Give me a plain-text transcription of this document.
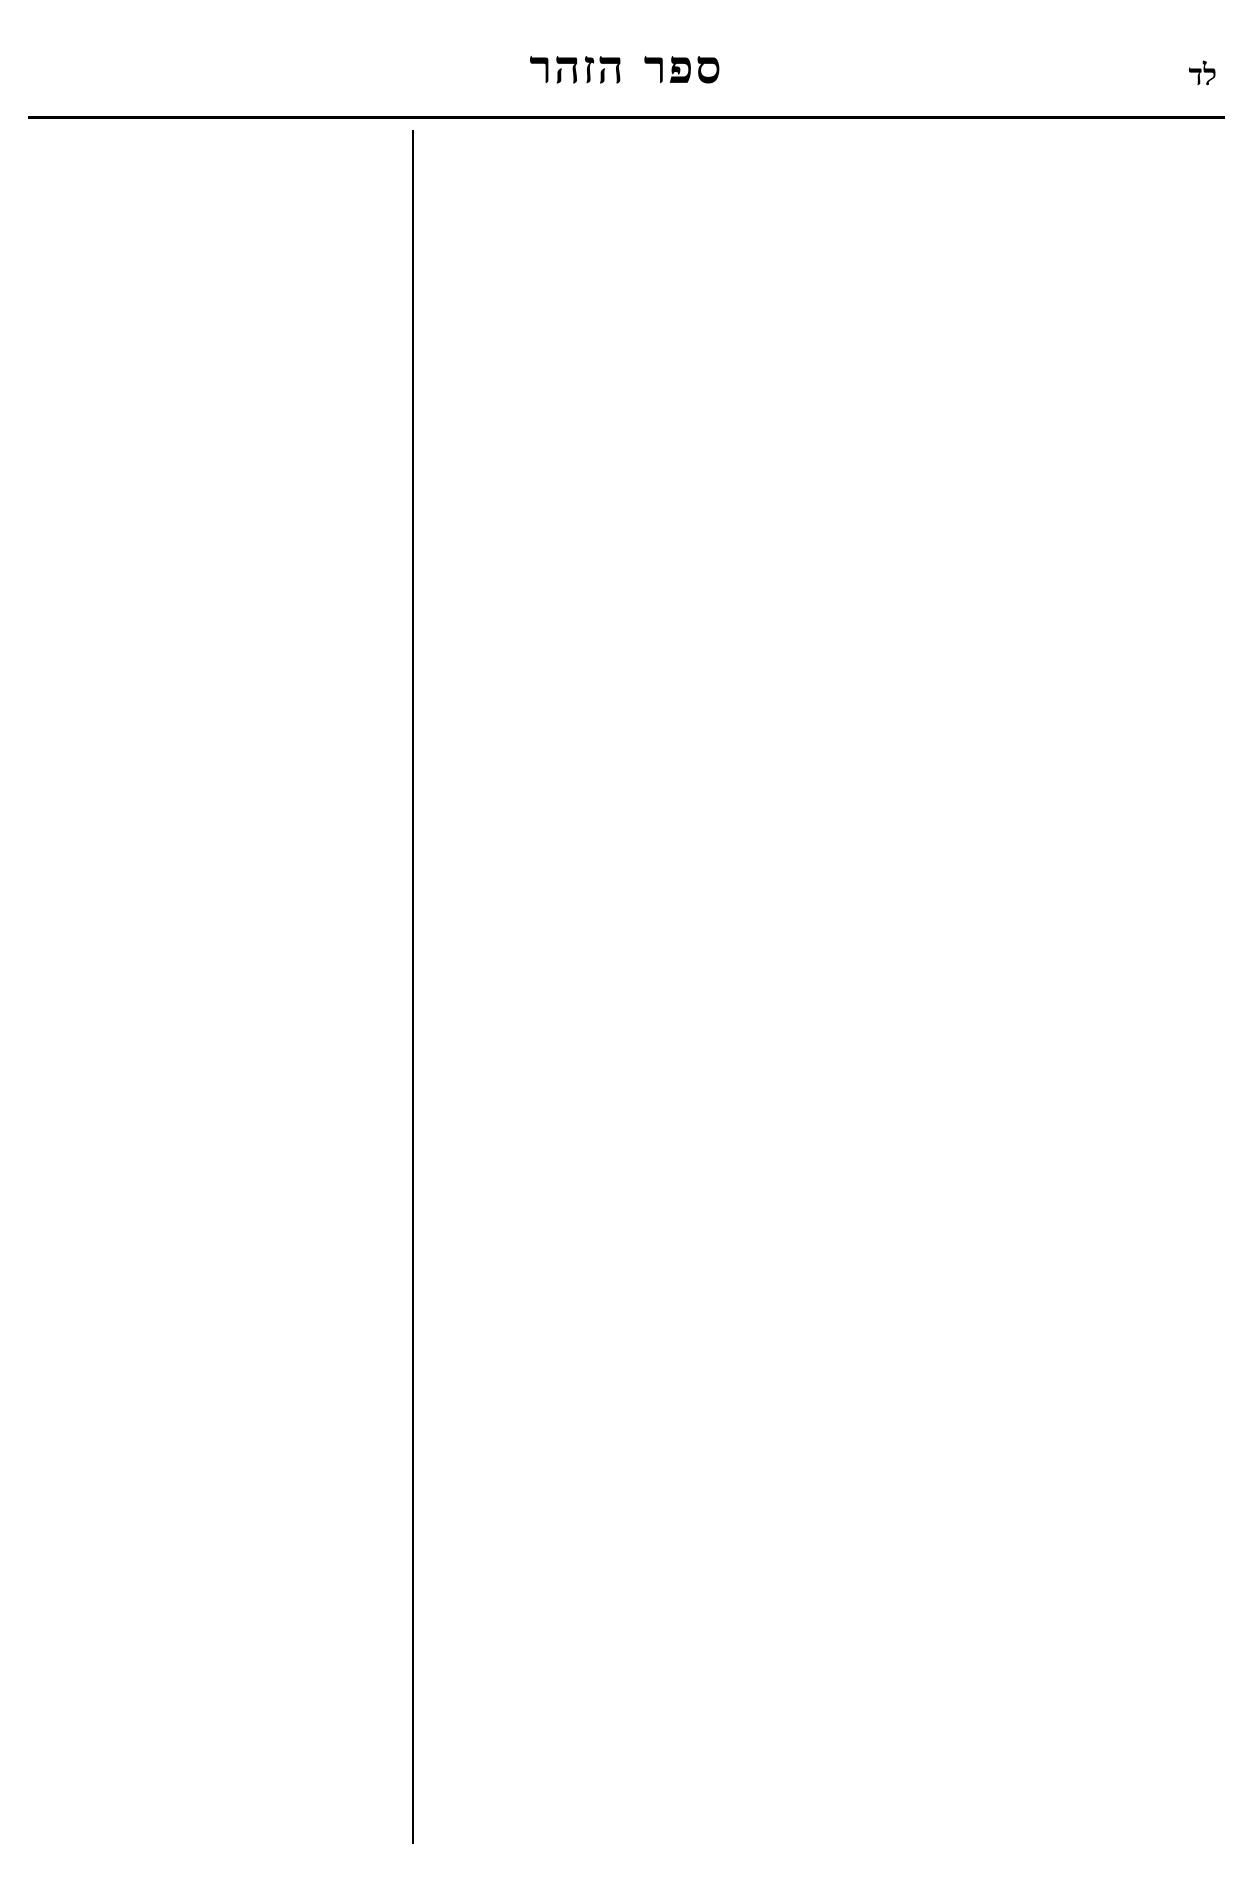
לד
ספר הזהר
